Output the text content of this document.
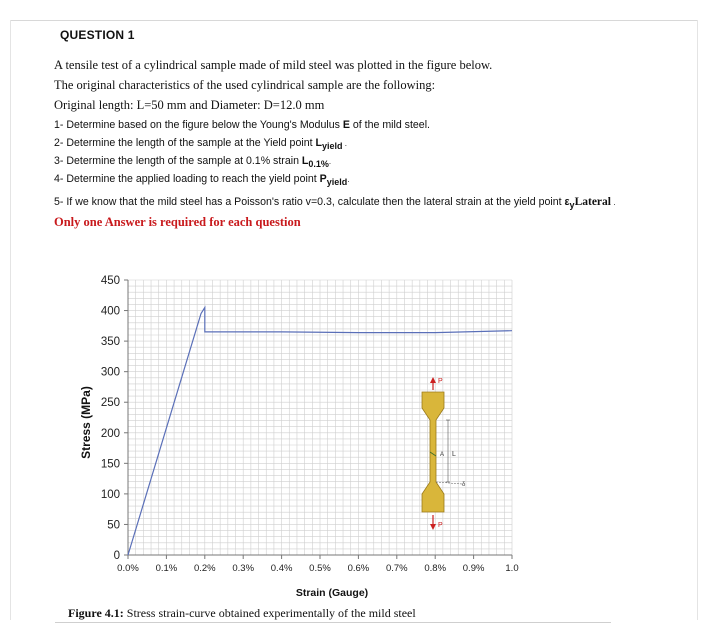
QUESTION 1
A tensile test of a cylindrical sample made of mild steel was plotted in the figure below.
The original characteristics of the used cylindrical sample are the following:
Original length: L=50 mm and Diameter: D=12.0 mm
1- Determine based on the figure below the Young's Modulus E of the mild steel.
2- Determine the length of the sample at the Yield point $L_{yield}$ .
3- Determine the length of the sample at 0.1% strain $L_{0.1\%}$.
4- Determine the applied loading to reach the yield point $P_{yield}$.
5- If we know that the mild steel has a Poisson's ratio v=0.3, calculate then the lateral strain at the yield point $\varepsilon_yLateral$ .
Only one Answer is required for each question
0
50
100
150
200
250
300
350
400
450
0.0% 0.1% 0.2% 0.3% 0.4% 0.5% 0.6% 0.7% 0.8% 0.9% 1.0
Stress (MPa)
Strain (Gauge)
P
P
A L
δ
Figure 4.1: Stress strain-curve obtained experimentally of the mild steel
